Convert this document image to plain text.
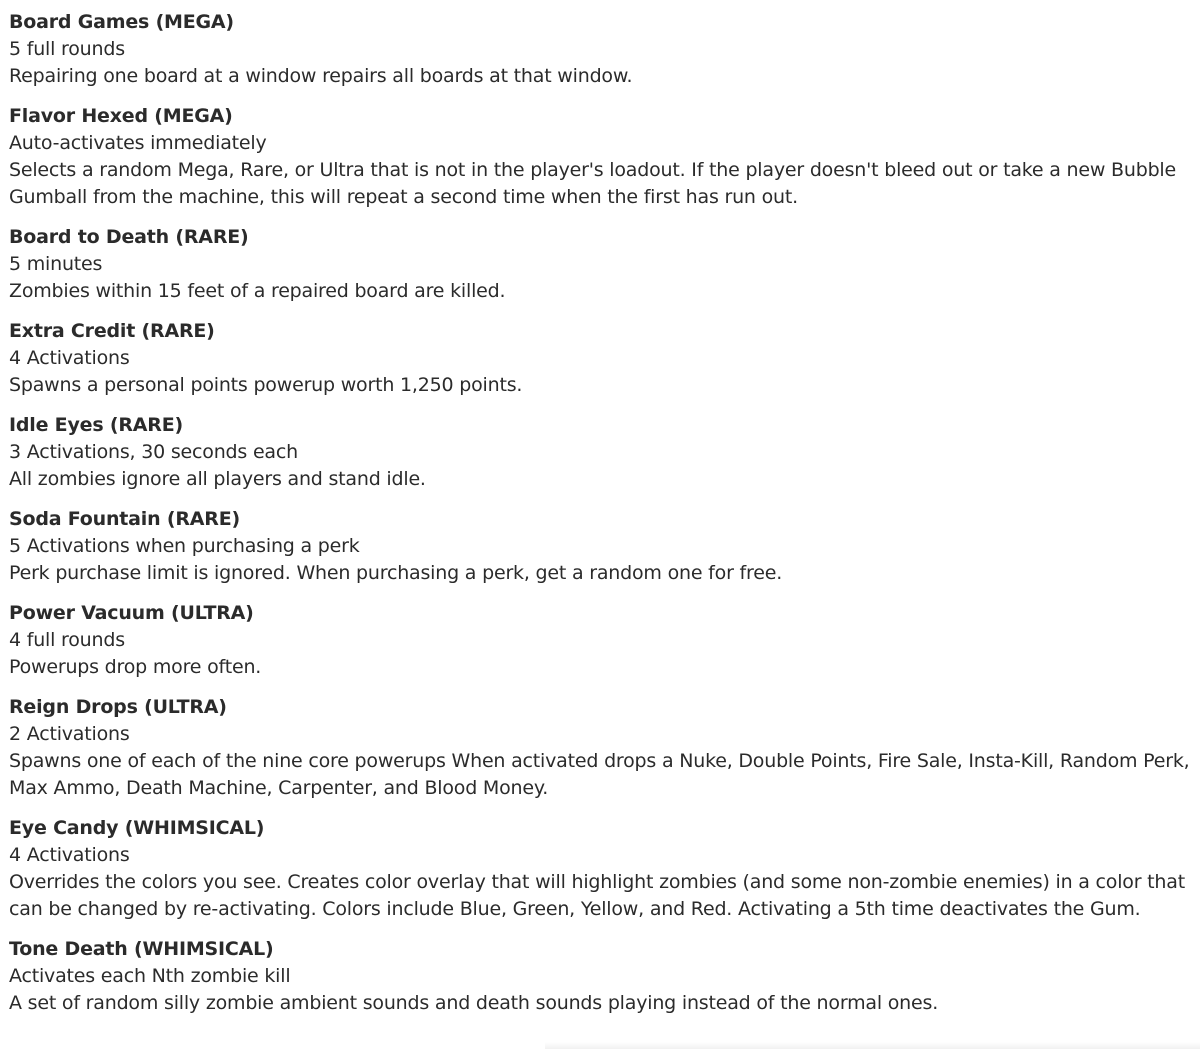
Board Games (MEGA)
5 full rounds
Repairing one board at a window repairs all boards at that window.
Flavor Hexed (MEGA)
Auto-activates immediately
Selects a random Mega, Rare, or Ultra that is not in the player's loadout. If the player doesn't bleed out or take a new Bubble Gumball from the machine, this will repeat a second time when the first has run out.
Board to Death (RARE)
5 minutes
Zombies within 15 feet of a repaired board are killed.
Extra Credit (RARE)
4 Activations
Spawns a personal points powerup worth 1,250 points.
Idle Eyes (RARE)
3 Activations, 30 seconds each
All zombies ignore all players and stand idle.
Soda Fountain (RARE)
5 Activations when purchasing a perk
Perk purchase limit is ignored. When purchasing a perk, get a random one for free.
Power Vacuum (ULTRA)
4 full rounds
Powerups drop more often.
Reign Drops (ULTRA)
2 Activations
Spawns one of each of the nine core powerups When activated drops a Nuke, Double Points, Fire Sale, Insta-Kill, Random Perk, Max Ammo, Death Machine, Carpenter, and Blood Money.
Eye Candy (WHIMSICAL)
4 Activations
Overrides the colors you see. Creates color overlay that will highlight zombies (and some non-zombie enemies) in a color that can be changed by re-activating. Colors include Blue, Green, Yellow, and Red. Activating a 5th time deactivates the Gum.
Tone Death (WHIMSICAL)
Activates each Nth zombie kill
A set of random silly zombie ambient sounds and death sounds playing instead of the normal ones.
